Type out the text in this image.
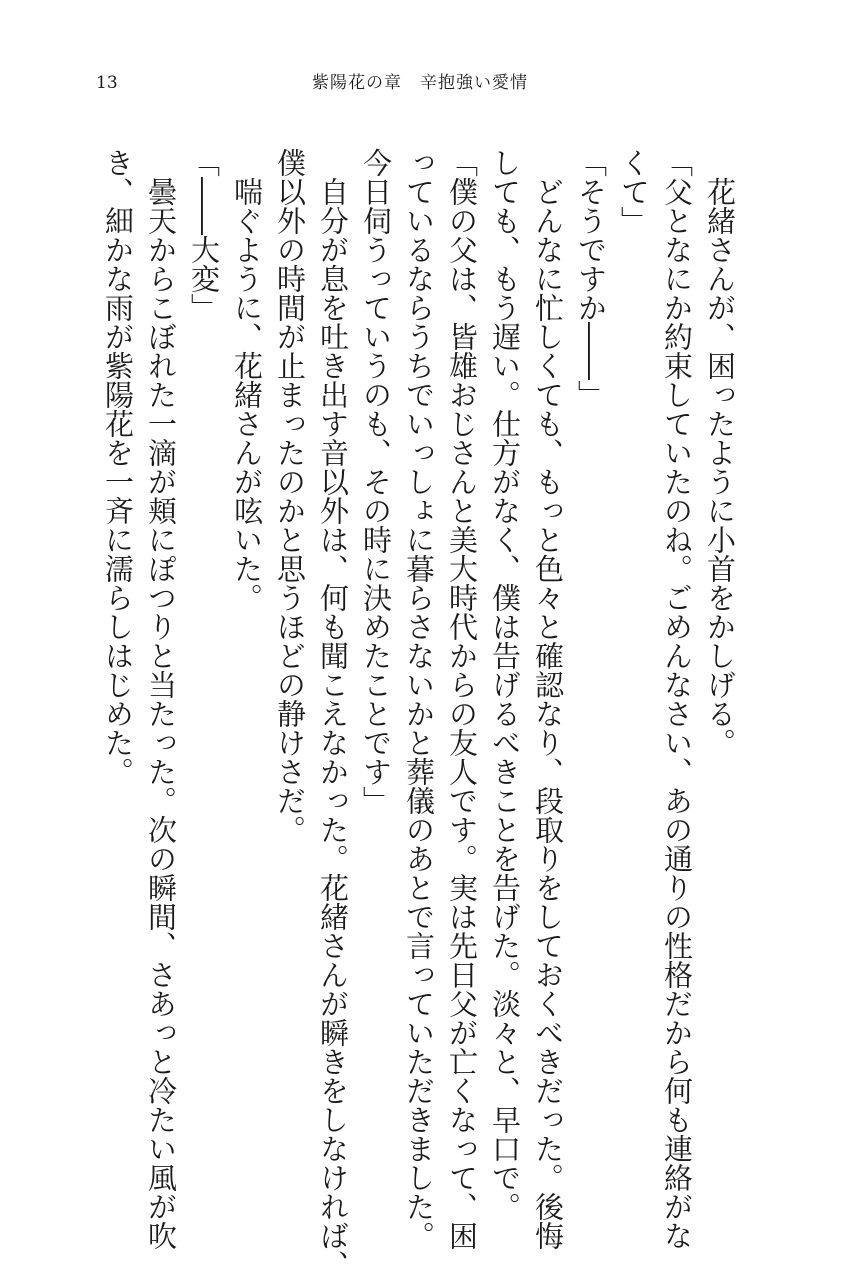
13	紫陽花の章　辛抱強い愛情
花緒さんが、困ったように小首をかしげる。
「父となにか約束していたのね。ごめんなさい、あの通りの性格だから何も連絡がな
くて」
「そうですか――」
どんなに忙しくても、もっと色々と確認なり、段取りをしておくべきだった。後悔
しても、もう遅い。仕方がなく、僕は告げるべきことを告げた。淡々と、早口で。
「僕の父は、皆雄おじさんと美大時代からの友人です。実は先日父が亡くなって、困
っているならうちでいっしょに暮らさないかと葬儀のあとで言っていただきました。
今日伺うっていうのも、その時に決めたことです」
自分が息を吐き出す音以外は、何も聞こえなかった。花緒さんが瞬きをしなければ、
僕以外の時間が止まったのかと思うほどの静けさだ。
喘ぐように、花緒さんが呟いた。
「――大変」
曇天からこぼれた一滴が頬にぽつりと当たった。次の瞬間、さあっと冷たい風が吹
き、細かな雨が紫陽花を一斉に濡らしはじめた。
